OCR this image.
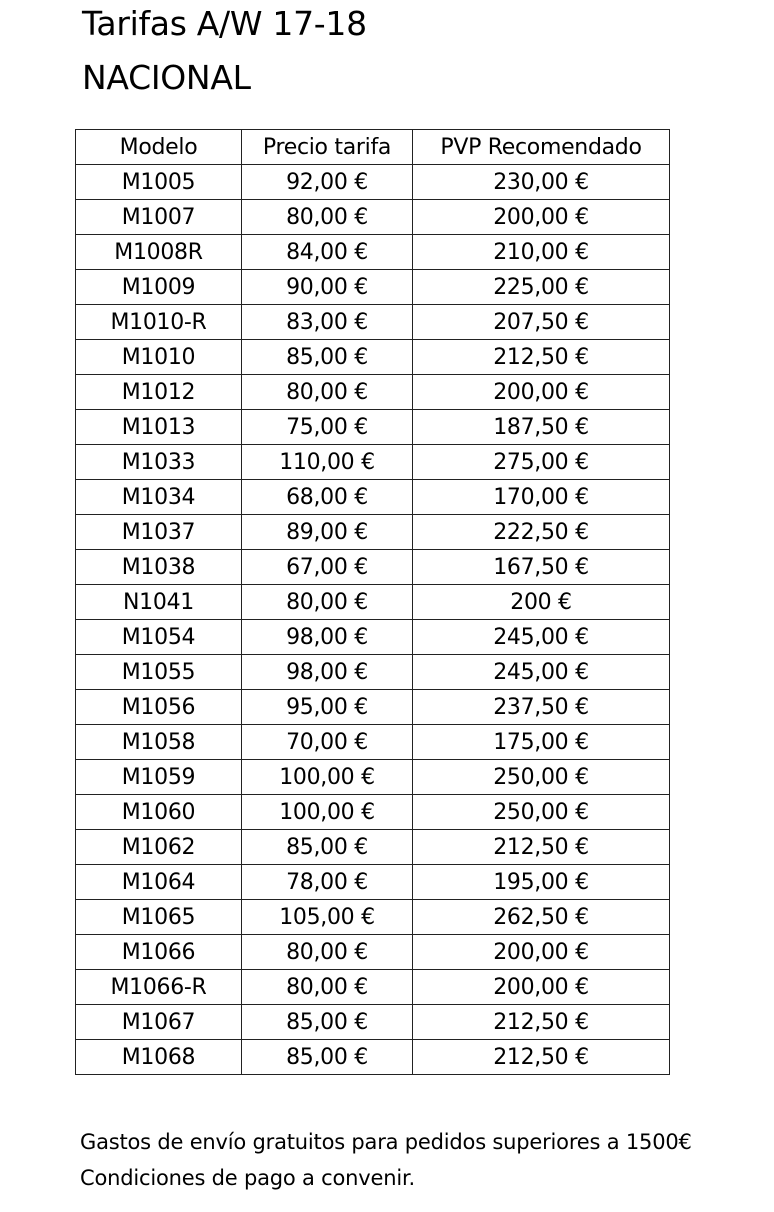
Tarifas A/W 17-18
NACIONAL
Modelo	Precio tarifa	PVP Recomendado
M1005	92,00 €	230,00 €
M1007	80,00 €	200,00 €
M1008R	84,00 €	210,00 €
M1009	90,00 €	225,00 €
M1010-R	83,00 €	207,50 €
M1010	85,00 €	212,50 €
M1012	80,00 €	200,00 €
M1013	75,00 €	187,50 €
M1033	110,00 €	275,00 €
M1034	68,00 €	170,00 €
M1037	89,00 €	222,50 €
M1038	67,00 €	167,50 €
N1041	80,00 €	200 €
M1054	98,00 €	245,00 €
M1055	98,00 €	245,00 €
M1056	95,00 €	237,50 €
M1058	70,00 €	175,00 €
M1059	100,00 €	250,00 €
M1060	100,00 €	250,00 €
M1062	85,00 €	212,50 €
M1064	78,00 €	195,00 €
M1065	105,00 €	262,50 €
M1066	80,00 €	200,00 €
M1066-R	80,00 €	200,00 €
M1067	85,00 €	212,50 €
M1068	85,00 €	212,50 €
Gastos de envío gratuitos para pedidos superiores a 1500€
Condiciones de pago a convenir.
